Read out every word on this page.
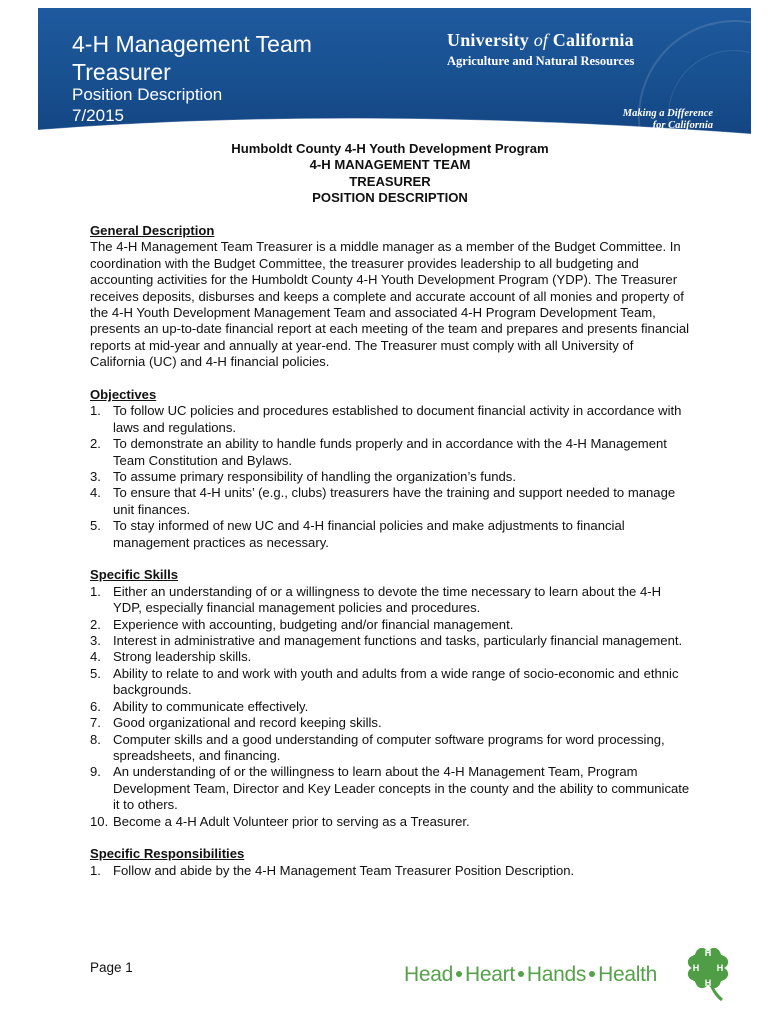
4-H Management Team
Treasurer
Position Description
7/2015
University of California
Agriculture and Natural Resources
Making a Difference
for California
Humboldt County 4-H Youth Development Program
4-H MANAGEMENT TEAM
TREASURER
POSITION DESCRIPTION
General Description

The 4-H Management Team Treasurer is a middle manager as a member of the Budget Committee. In coordination with the Budget Committee, the treasurer provides leadership to all budgeting and accounting activities for the Humboldt County 4-H Youth Development Program (YDP). The Treasurer receives deposits, disburses and keeps a complete and accurate account of all monies and property of the 4-H Youth Development Management Team and associated 4-H Program Development Team, presents an up-to-date financial report at each meeting of the team and prepares and presents financial reports at mid-year and annually at year-end. The Treasurer must comply with all University of California (UC) and 4-H financial policies.

Objectives
1. To follow UC policies and procedures established to document financial activity in accordance with laws and regulations.
2. To demonstrate an ability to handle funds properly and in accordance with the 4-H Management Team Constitution and Bylaws.
3. To assume primary responsibility of handling the organization’s funds.
4. To ensure that 4-H units’ (e.g., clubs) treasurers have the training and support needed to manage unit finances.
5. To stay informed of new UC and 4-H financial policies and make adjustments to financial management practices as necessary.
Specific Skills
1. Either an understanding of or a willingness to devote the time necessary to learn about the 4-H YDP, especially financial management policies and procedures.
2. Experience with accounting, budgeting and/or financial management.
3. Interest in administrative and management functions and tasks, particularly financial management.
4. Strong leadership skills.
5. Ability to relate to and work with youth and adults from a wide range of socio-economic and ethnic backgrounds.
6. Ability to communicate effectively.
7. Good organizational and record keeping skills.
8. Computer skills and a good understanding of computer software programs for word processing, spreadsheets, and financing.
9. An understanding of or the willingness to learn about the 4-H Management Team, Program Development Team, Director and Key Leader concepts in the county and the ability to communicate it to others.
10. Become a 4-H Adult Volunteer prior to serving as a Treasurer.
Specific Responsibilities
1. Follow and abide by the 4-H Management Team Treasurer Position Description.
Page 1	Head Heart Hands Health
H
H
H
H
